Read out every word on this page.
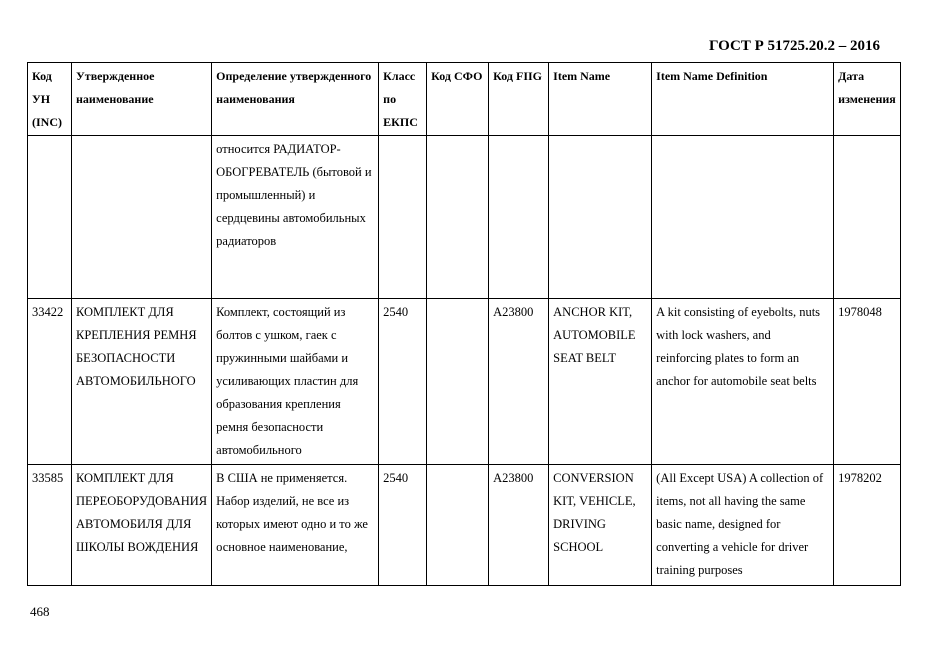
ГОСТ Р 51725.20.2 – 2016
Код УН (INC)	Утвержденное наименование	Определение утвержденного наименования	Класс по ЕКПС	Код СФО	Код FIIG	Item Name	Item Name Definition	Дата изменения
		относится РАДИАТОР-ОБОГРЕВАТЕЛЬ (бытовой и промышленный) и сердцевины автомобильных радиаторов						
33422	КОМПЛЕКТ ДЛЯ КРЕПЛЕНИЯ РЕМНЯ БЕЗОПАСНОСТИ АВТОМОБИЛЬНОГО	Комплект, состоящий из болтов с ушком, гаек с пружинными шайбами и усиливающих пластин для образования крепления ремня безопасности автомобильного	2540		A23800	ANCHOR KIT, AUTOMOBILE SEAT BELT	A kit consisting of eyebolts, nuts with lock washers, and reinforcing plates to form an anchor for automobile seat belts	1978048
33585	КОМПЛЕКТ ДЛЯ ПЕРЕОБОРУДОВАНИЯ АВТОМОБИЛЯ ДЛЯ ШКОЛЫ ВОЖДЕНИЯ	В США не применяется. Набор изделий, не все из которых имеют одно и то же основное наименование,	2540		A23800	CONVERSION KIT, VEHICLE, DRIVING SCHOOL	(All Except USA) A collection of items, not all having the same basic name, designed for converting a vehicle for driver training purposes	1978202
468
